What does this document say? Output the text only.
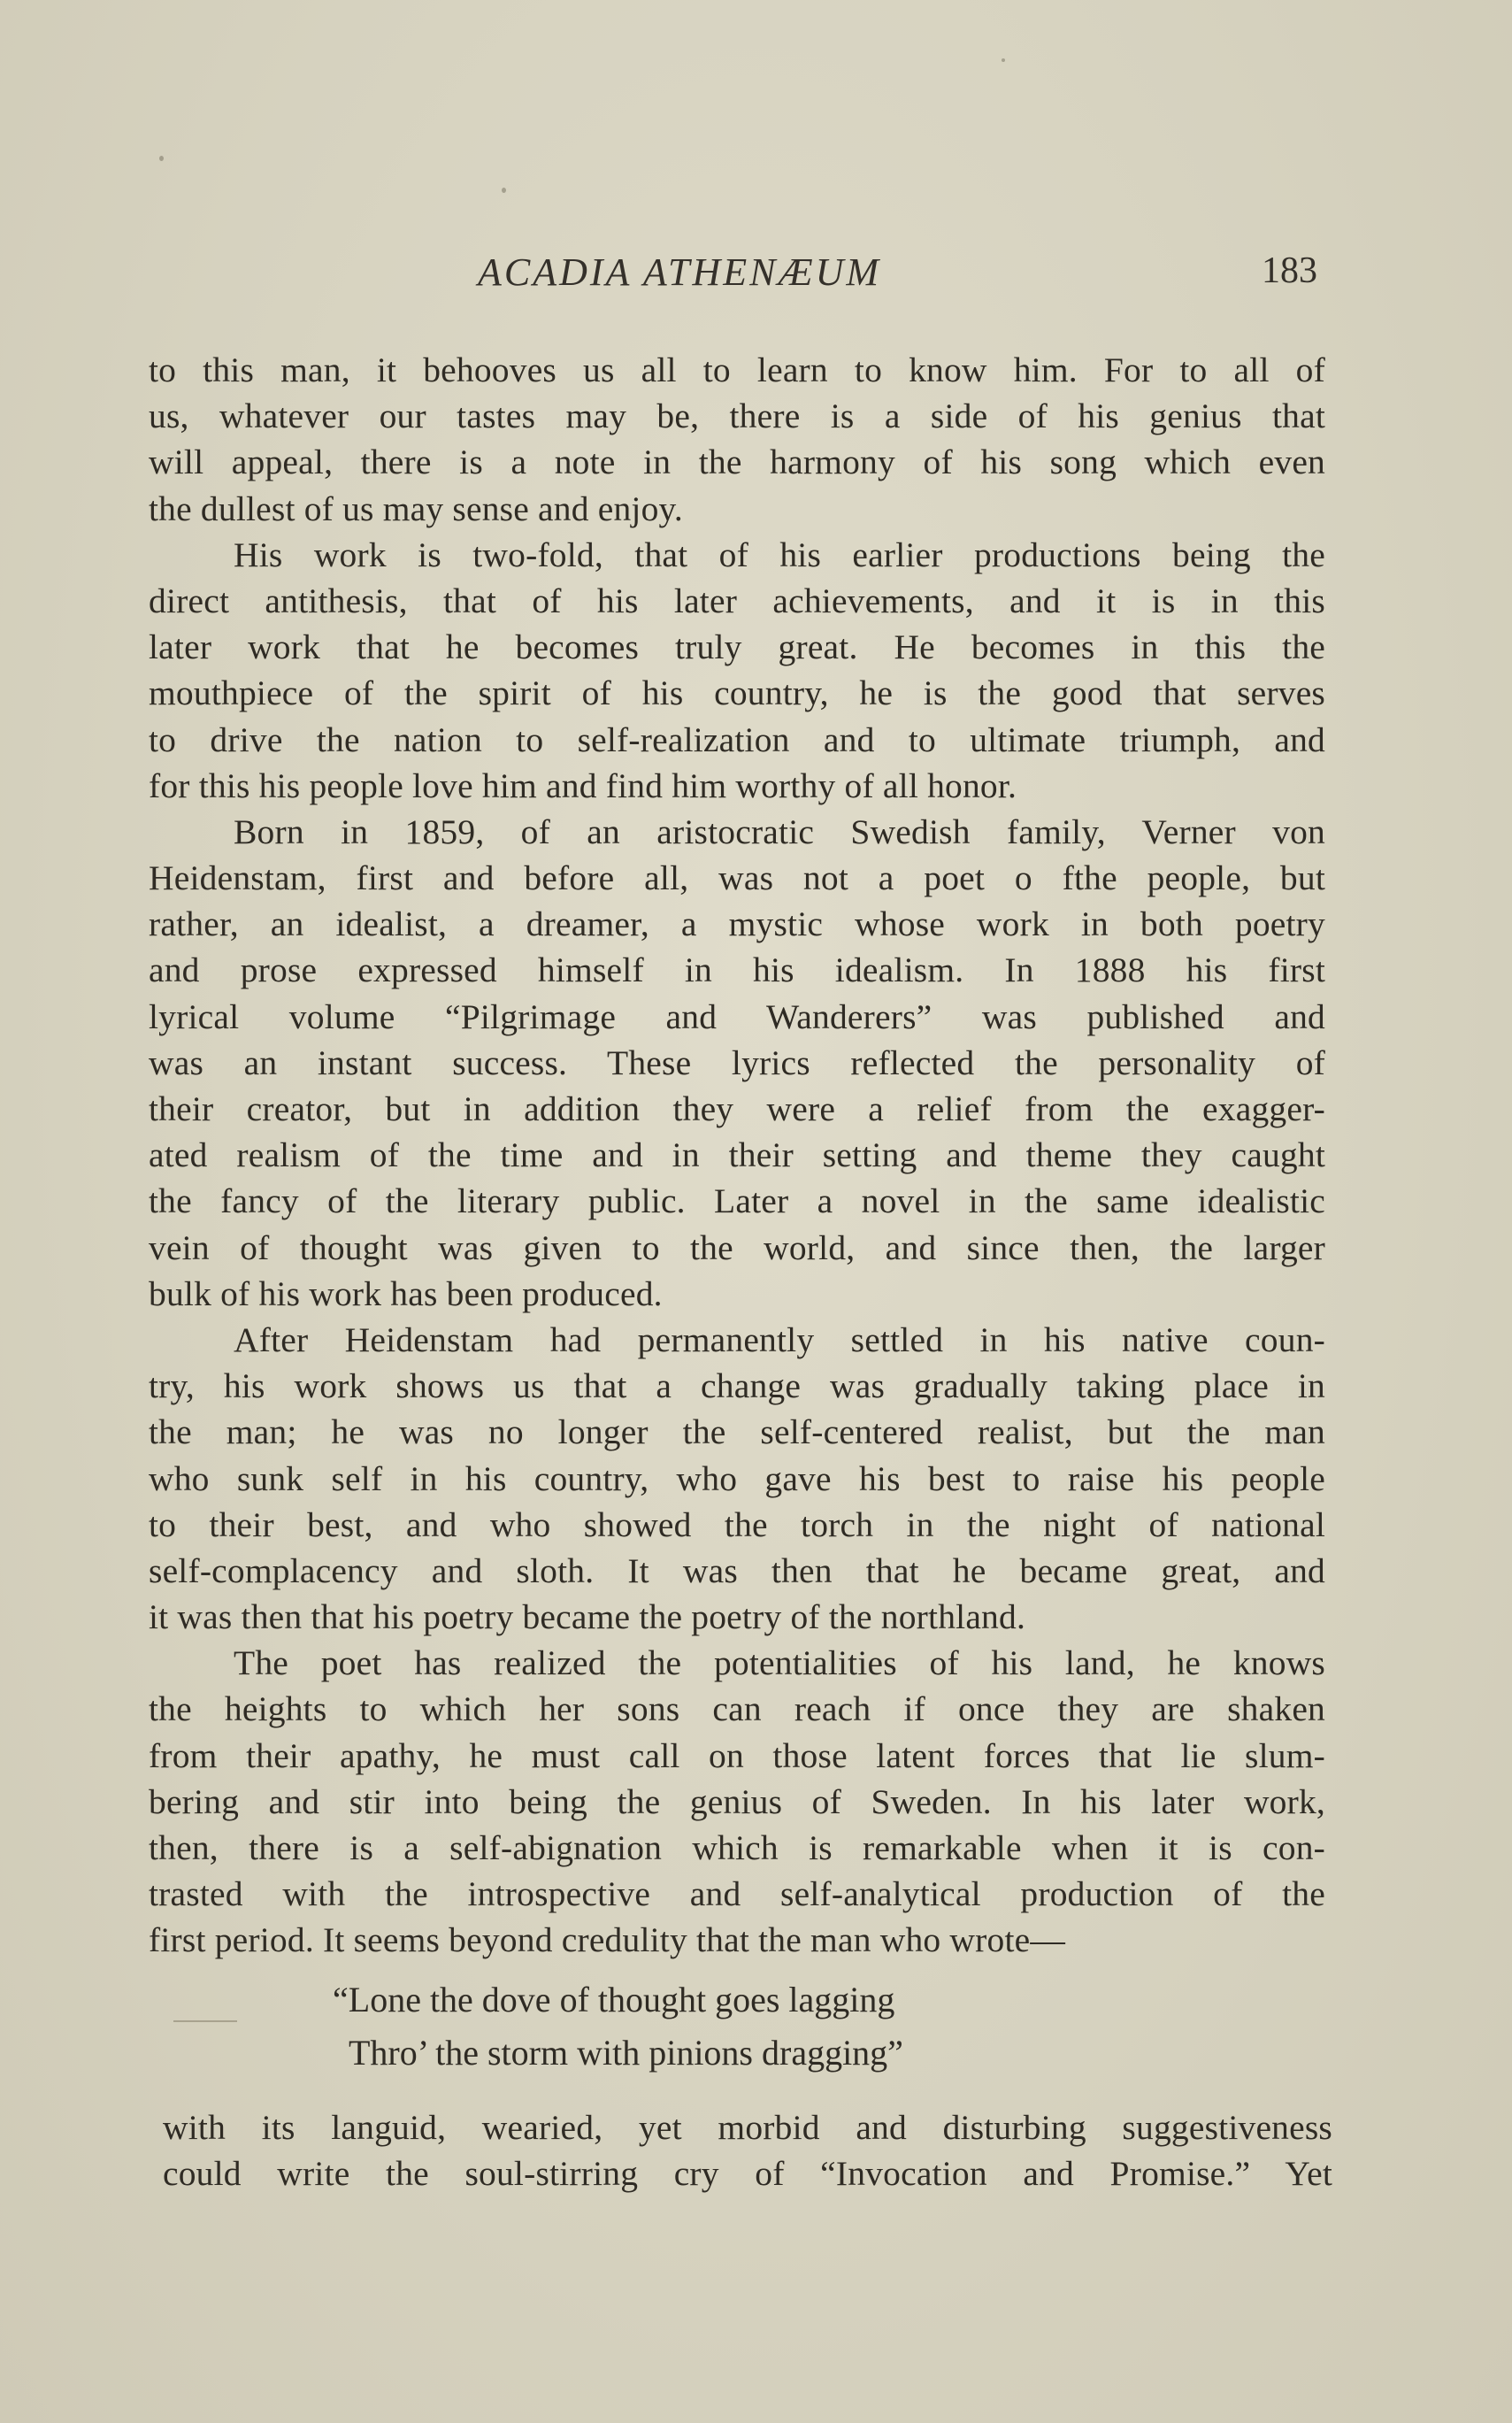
ACADIA ATHENÆUM	183
to this man, it behooves us all to learn to know him. For to all of
us, whatever our tastes may be, there is a side of his genius that
will appeal, there is a note in the harmony of his song which even
the dullest of us may sense and enjoy.
His work is two-fold, that of his earlier productions being the
direct antithesis, that of his later achievements, and it is in this
later work that he becomes truly great. He becomes in this the
mouthpiece of the spirit of his country, he is the good that serves
to drive the nation to self-realization and to ultimate triumph, and
for this his people love him and find him worthy of all honor.
Born in 1859, of an aristocratic Swedish family, Verner von
Heidenstam, first and before all, was not a poet o fthe people, but
rather, an idealist, a dreamer, a mystic whose work in both poetry
and prose expressed himself in his idealism. In 1888 his first
lyrical volume “Pilgrimage and Wanderers” was published and
was an instant success. These lyrics reflected the personality of
their creator, but in addition they were a relief from the exagger-
ated realism of the time and in their setting and theme they caught
the fancy of the literary public. Later a novel in the same idealistic
vein of thought was given to the world, and since then, the larger
bulk of his work has been produced.
After Heidenstam had permanently settled in his native coun-
try, his work shows us that a change was gradually taking place in
the man; he was no longer the self-centered realist, but the man
who sunk self in his country, who gave his best to raise his people
to their best, and who showed the torch in the night of national
self-complacency and sloth. It was then that he became great, and
it was then that his poetry became the poetry of the northland.
The poet has realized the potentialities of his land, he knows
the heights to which her sons can reach if once they are shaken
from their apathy, he must call on those latent forces that lie slum-
bering and stir into being the genius of Sweden. In his later work,
then, there is a self-abignation which is remarkable when it is con-
trasted with the introspective and self-analytical production of the
first period. It seems beyond credulity that the man who wrote—
“Lone the dove of thought goes lagging
Thro’ the storm with pinions dragging”
with its languid, wearied, yet morbid and disturbing suggestiveness
could write the soul-stirring cry of “Invocation and Promise.” Yet
